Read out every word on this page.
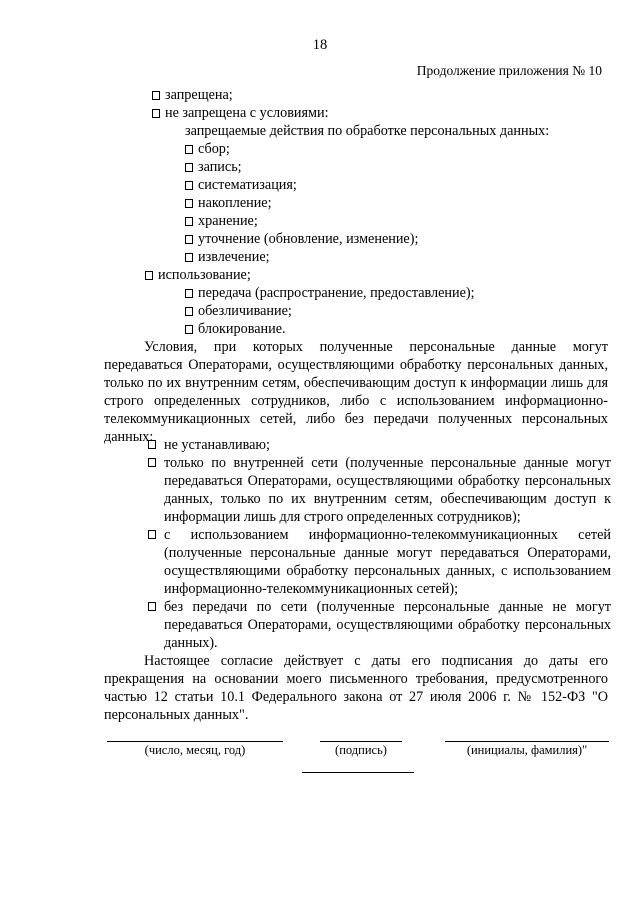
18
Продолжение приложения № 10
запрещена;
не запрещена с условиями:
запрещаемые действия по обработке персональных данных:
сбор;
запись;
систематизация;
накопление;
хранение;
уточнение (обновление, изменение);
извлечение;
использование;
передача (распространение, предоставление);
обезличивание;
блокирование.
Условия, при которых полученные персональные данные могут передаваться Операторами, осуществляющими обработку персональных данных, только по их внутренним сетям, обеспечивающим доступ к информации лишь для строго определенных сотрудников, либо с использованием информационно-телекоммуникационных сетей, либо без передачи полученных персональных данных: не устанавливаю;
только по внутренней сети (полученные персональные данные могут передаваться Операторами, осуществляющими обработку персональных данных, только по их внутренним сетям, обеспечивающим доступ к информации лишь для строго определенных сотрудников);
с использованием информационно-телекоммуникационных сетей (полученные персональные данные могут передаваться Операторами, осуществляющими обработку персональных данных, с использованием информационно-телекоммуникационных сетей);
без передачи по сети (полученные персональные данные не могут передаваться Операторами, осуществляющими обработку персональных данных).
Настоящее согласие действует с даты его подписания до даты его прекращения на основании моего письменного требования, предусмотренного частью 12 статьи 10.1 Федерального закона от 27 июля 2006 г. № 152-ФЗ "О персональных данных".
(число, месяц, год)	(подпись)	(инициалы, фамилия)"
